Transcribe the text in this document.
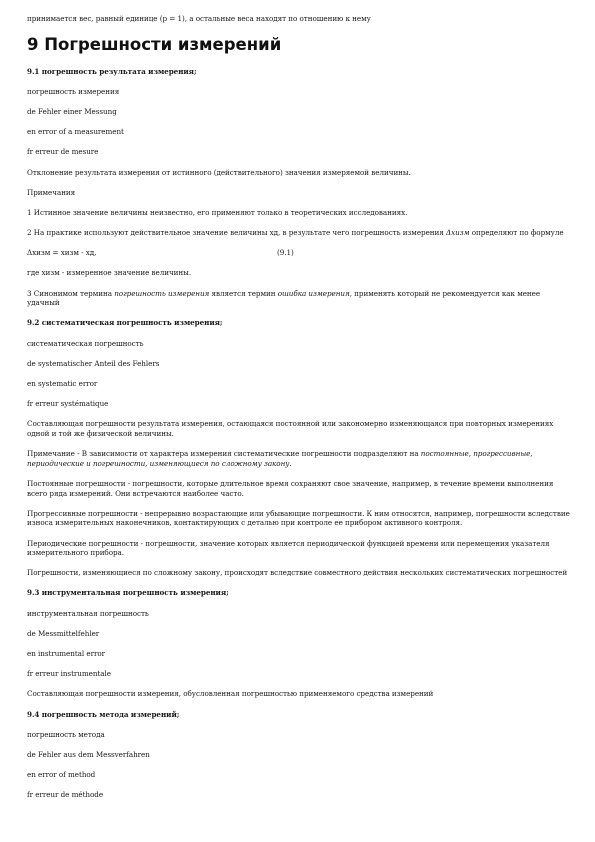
принимается вес, равный единице (p = 1), а остальные веса находят по отношению к нему
9 Погрешности измерений
9.1 погрешность результата измерения;
погрешность измерения
de Fehler einer Messung
en error of a measurement
fr erreur de mesure
Отклонение результата измерения от истинного (действительного) значения измеряемой величины.
Примечания
1 Истинное значение величины неизвестно, его применяют только в теоретических исследованиях.
2 На практике используют действительное значение величины xд, в результате чего погрешность измерения Δxизм определяют по формуле
Δxизм = xизм - xд,	(9.1)
где xизм - измеренное значение величины.
3 Синонимом термина погрешность измерения является термин ошибка измерения, применять который не рекомендуется как менее удачный
9.2 систематическая погрешность измерения;
систематическая погрешность
de systematischer Anteil des Fehlers
en systematic error
fr erreur systématique
Составляющая погрешности результата измерения, остающаяся постоянной или закономерно изменяющаяся при повторных измерениях одной и той же физической величины.
Примечание - В зависимости от характера измерения систематические погрешности подразделяют на постоянные, прогрессивные, периодические и погрешности, изменяющиеся по сложному закону.
Постоянные погрешности - погрешности, которые длительное время сохраняют свое значение, например, в течение времени выполнения всего ряда измерений. Они встречаются наиболее часто.
Прогрессивные погрешности - непрерывно возрастающие или убывающие погрешности. К ним относятся, например, погрешности вследствие износа измерительных наконечников, контактирующих с деталью при контроле ее прибором активного контроля.
Периодические погрешности - погрешности, значение которых является периодической функцией времени или перемещения указателя измерительного прибора.
Погрешности, изменяющиеся по сложному закону, происходят вследствие совместного действия нескольких систематических погрешностей
9.3 инструментальная погрешность измерения;
инструментальная погрешность
de Messmittelfehler
en instrumental error
fr erreur instrumentale
Составляющая погрешности измерения, обусловленная погрешностью применяемого средства измерений
9.4 погрешность метода измерений;
погрешность метода
de Fehler aus dem Messverfahren
en error of method
fr erreur de méthode
